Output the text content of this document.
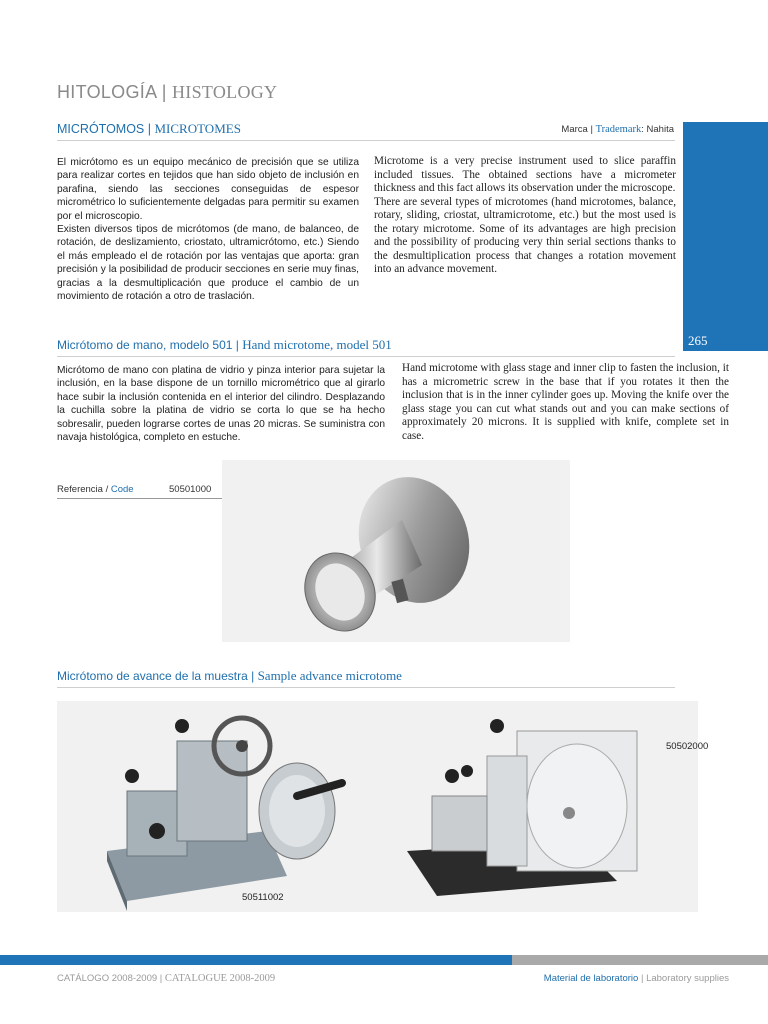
HITOLOGÍA | HISTOLOGY
MICRÓTOMOS | MICROTOMES	Marca | Trademark: Nahita
265
El micrótomo es un equipo mecánico de precisión que se utiliza para realizar cortes en tejidos que han sido objeto de inclusión en parafina, siendo las secciones conseguidas de espesor micrométrico lo suficientemente delgadas para permitir su examen por el microscopio.
Existen diversos tipos de micrótomos (de mano, de balanceo, de rotación, de deslizamiento, criostato, ultramicrótomo, etc.) Siendo el más empleado el de rotación por las ventajas que aporta: gran precisión y la posibilidad de producir secciones en serie muy finas, gracias a la desmultiplicación que produce el cambio de un movimiento de rotación a otro de traslación.
Microtome is a very precise instrument used to slice paraffin included tissues. The obtained sections have a micrometer thickness and this fact allows its observation under the microscope.
There are several types of microtomes (hand microtomes, balance, rotary, sliding, criostat, ultramicrotome, etc.) but the most used is the rotary microtome. Some of its advantages are high precision and the possibility of producing very thin serial sections thanks to the desmultiplication process that changes a rotation movement into an advance movement.
Micrótomo de mano, modelo 501 | Hand microtome, model 501
Micrótomo de mano con platina de vidrio y pinza interior para sujetar la inclusión, en la base dispone de un tornillo micrométrico que al girarlo hace subir la inclusión contenida en el interior del cilindro. Desplazando la cuchilla sobre la platina de vidrio se corta lo que se ha hecho sobresalir, pueden lograrse cortes de unas 20 micras. Se suministra con navaja histológica, completo en estuche.
Hand microtome with glass stage and inner clip to fasten the inclusion, it has a micrometric screw in the base that if you rotates it then the inclusion that is in the inner cylinder goes up. Moving the knife over the glass stage you can cut what stands out and you can make sections of approximately 20 microns. It is supplied with knife, complete set in case.
Referencia / Code	50501000
Micrótomo de avance de la muestra | Sample advance microtome
50511002
50502000
CATÁLOGO 2008-2009 | CATALOGUE 2008-2009	Material de laboratorio | Laboratory supplies
